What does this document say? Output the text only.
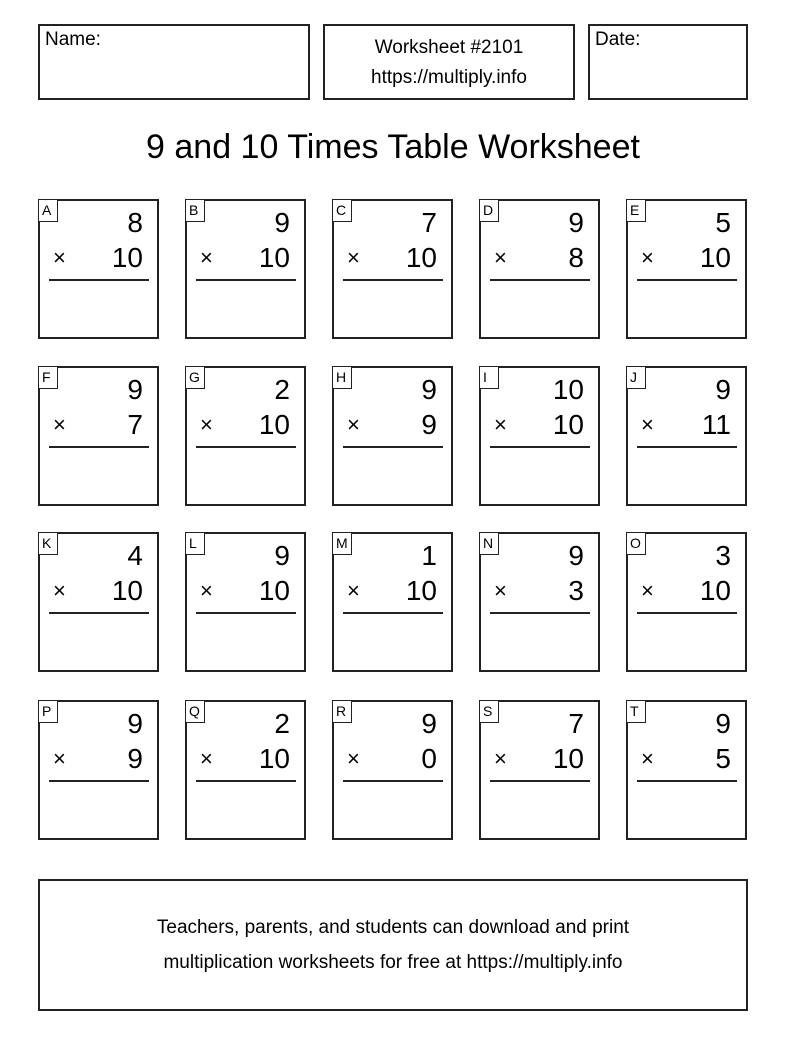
Name:	Worksheet #2101
https://multiply.info
Date:
9 and 10 Times Table Worksheet
A	8
× 10
B	9
× 10
C	7
× 10
D	9
× 8
E	5
× 10
F	9
× 7
G	2
× 10
H	9
× 9
I	10
× 10
J	9
× 11
K	4
× 10
L	9
× 10
M	1
× 10
N	9
× 3
O	3
× 10
P	9
× 9
Q	2
× 10
R	9
× 0
S	7
× 10
T	9
× 5
Teachers, parents, and students can download and print
multiplication worksheets for free at https://multiply.info
